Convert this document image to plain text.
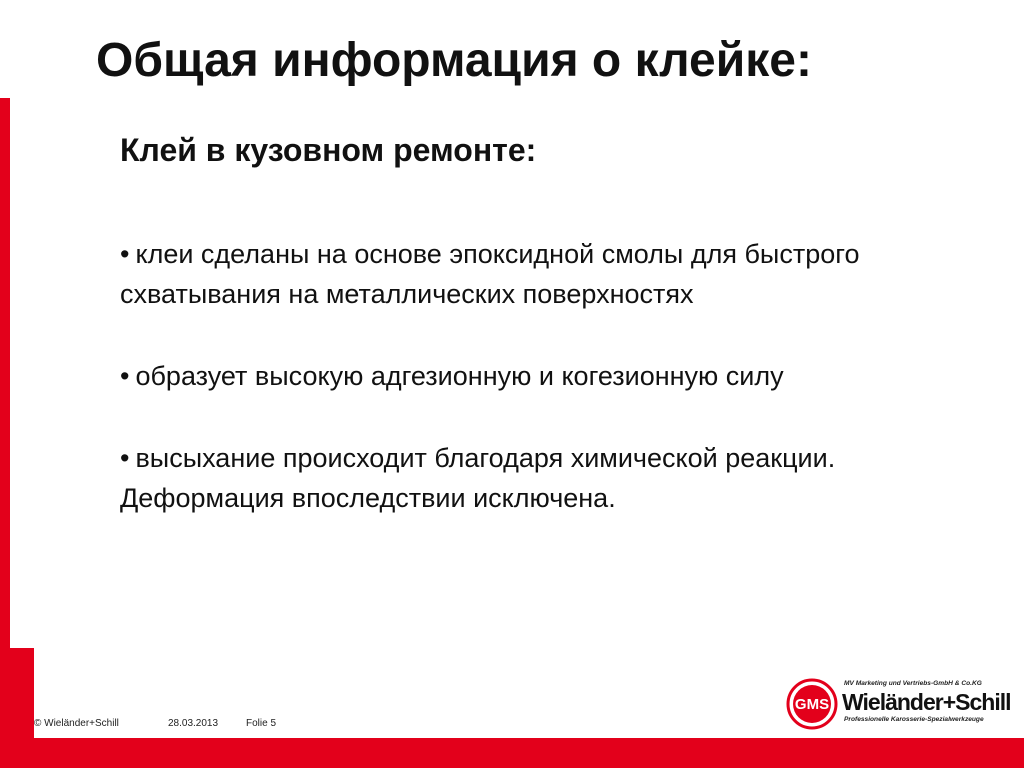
Общая информация о клейке:
Клей в кузовном ремонте:
• клеи сделаны на основе эпоксидной смолы для быстрого схватывания на металлических поверхностях
• образует высокую адгезионную и когезионную силу
• высыхание происходит благодаря химической реакции. Деформация впоследствии исключена.
© Wieländer+Schill	28.03.2013	Folie 5
GMS
MV Marketing und Vertriebs-GmbH & Co.KG
Wieländer+Schill
Professionelle Karosserie-Spezialwerkzeuge
